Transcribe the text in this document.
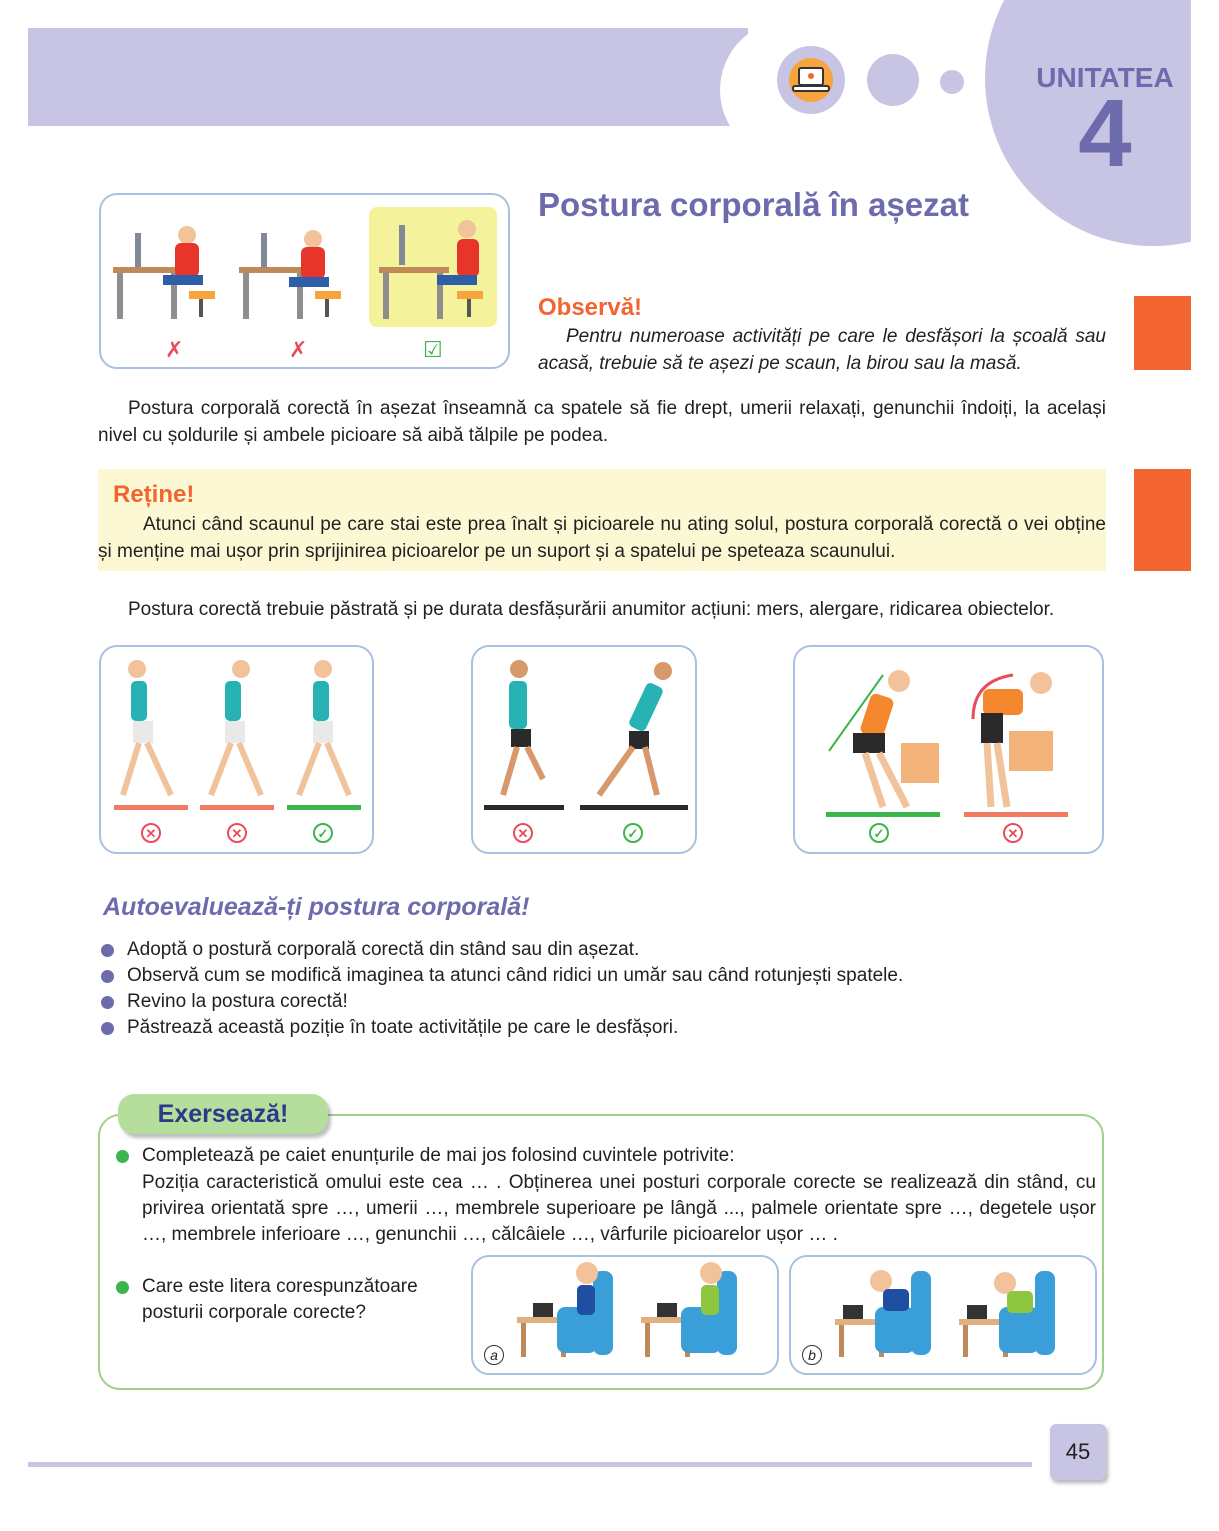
UNITATEA
4
✗	✗	☑
Postura corporală în așezat
Observă!
Pentru numeroase activități pe care le desfășori la școală sau acasă, trebuie să te așezi pe scaun, la birou sau la masă.
Postura corporală corectă în așezat înseamnă ca spatele să fie drept, umerii relaxați, genunchii îndoiți, la același nivel cu șoldurile și ambele picioare să aibă tălpile pe podea.
Reține!
Atunci când scaunul pe care stai este prea înalt și picioarele nu ating solul, postura corporală corectă o vei obține și menține mai ușor prin sprijinirea picioarelor pe un suport și a spatelui pe speteaza scaunului.
Postura corectă trebuie păstrată și pe durata desfășurării anumitor acțiuni: mers, alergare, ridicarea obiectelor.
✕	✕	✓	✕	✓	✓	✕
Autoevaluează-ți postura corporală!
Adoptă o postură corporală corectă din stând sau din așezat.
Observă cum se modifică imaginea ta atunci când ridici un umăr sau când rotunjești spatele.
Revino la postura corectă!
Păstrează această poziție în toate activitățile pe care le desfășori.
Exersează!
Completează pe caiet enunțurile de mai jos folosind cuvintele potrivite:
Poziția caracteristică omului este cea … . Obținerea unei posturi corporale corecte se realizează din stând, cu privirea orientată spre …, umerii …, membrele superioare pe lângă ..., palmele orientate spre …, degetele ușor …, membrele inferioare …, genunchii …, călcâiele …, vârfurile picioarelor ușor … .
Care este litera corespunzătoare posturii corporale corecte?
a	b
45
